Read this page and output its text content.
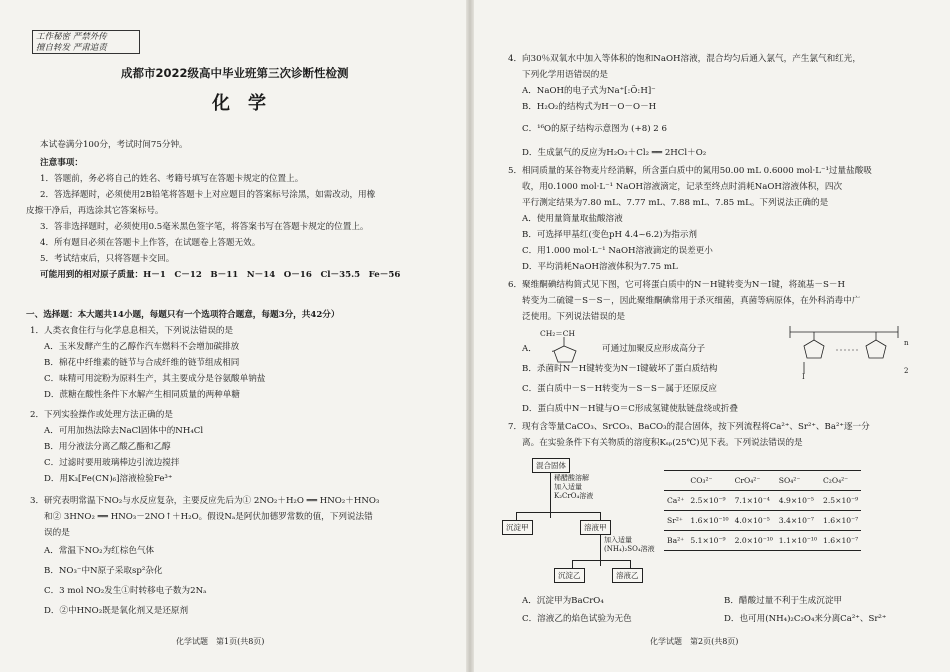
工作秘密 严禁外传
擅自转发 严肃追责
成都市2022级高中毕业班第三次诊断性检测
化学
本试卷满分100分，考试时间75分钟。
注意事项：
1．答题前，务必将自己的姓名、考籍号填写在答题卡规定的位置上。
2．答选择题时，必须使用2B铅笔将答题卡上对应题目的答案标号涂黑，如需改动，用橡
皮擦干净后，再选涂其它答案标号。
3．答非选择题时，必须使用0.5毫米黑色签字笔，将答案书写在答题卡规定的位置上。
4．所有题目必须在答题卡上作答，在试题卷上答题无效。
5．考试结束后，只将答题卡交回。
可能用到的相对原子质量：H－1　C－12　B－11　N－14　O－16　Cl－35.5　Fe－56
一、选择题：本大题共14小题，每题只有一个选项符合题意，每题3分，共42分）
1．人类衣食住行与化学息息相关，下列说法错误的是
A．玉米发酵产生的乙醇作汽车燃料不会增加碳排放
B．棉花中纤维素的链节与合成纤维的链节组成相同
C．味精可用淀粉为原料生产，其主要成分是谷氨酸单钠盐
D．蔗糖在酸性条件下水解产生相同质量的两种单糖
2．下列实验操作或处理方法正确的是
A．可用加热法除去NaCl固体中的NH₄Cl
B．用分液法分离乙酸乙酯和乙醇
C．过滤时要用玻璃棒边引流边搅拌
D．用K₃[Fe(CN)₆]溶液检验Fe³⁺
3．研究表明常温下NO₂与水反应复杂，主要反应先后为① 2NO₂＋H₂O ══ HNO₂＋HNO₃
和② 3HNO₂ ══ HNO₃－2NO↑＋H₂O。假设Nₐ是阿伏加德罗常数的值，下列说法错
误的是
A．常温下NO₂为红棕色气体
B．NO₃⁻中N原子采取sp²杂化
C．3 mol NO₂发生①时转移电子数为2Nₐ
D．②中HNO₂既是氧化剂又是还原剂
化学试题　第1页(共8页)
4．向30％双氧水中加入等体积的饱和NaOH溶液，混合均匀后通入氯气，产生氯气和红光，
下列化学用语错误的是
A．NaOH的电子式为Na⁺[:Ö:H]⁻
B．H₂O₂的结构式为H－O－O－H
C．¹⁶O的原子结构示意图为 (+8) 2 6
D．生成氯气的反应为H₂O₂＋Cl₂ ══ 2HCl＋O₂
5．相同质量的某谷物麦片经消解，所含蛋白质中的氮用50.00 mL 0.6000 mol·L⁻¹过量盐酸吸
收，用0.1000 mol·L⁻¹ NaOH溶液滴定，记录至终点时消耗NaOH溶液体积，四次
平行测定结果为7.80 mL、7.77 mL、7.88 mL、7.85 mL。下列说法正确的是
A．使用量筒量取盐酸溶液
B．可选择甲基红(变色pH 4.4~6.2)为指示剂
C．用1.000 mol·L⁻¹ NaOH溶液滴定的误差更小
D．平均消耗NaOH溶液体积为7.75 mL
6．聚维酮碘结构简式见下图，它可将蛋白质中的N－H键转变为N－I键，将巯基－S－H
转变为二硫键－S－S－，因此聚维酮碘常用于杀灭细菌，真菌等病原体，在外科消毒中广
泛使用。下列说法错误的是
CH₂＝CH
A．	可通过加聚反应形成高分子
n
2
I
B．杀菌时N－H键转变为N－I键破坏了蛋白质结构
C．蛋白质中－S－H转变为－S－S－属于还原反应
D．蛋白质中N－H键与O＝C形成氢键使肽链盘绕或折叠
7．现有含等量CaCO₃、SrCO₃、BaCO₃的混合固体，按下列流程将Ca²⁺、Sr²⁺、Ba²⁺逐一分
离。在实验条件下有关物质的溶度积Kₛₚ(25℃)见下表。下列说法错误的是
混合固体
稀醋酸溶解
加入适量
K₂CrO₄溶液
沉淀甲	溶液甲
加入适量
(NH₄)₂SO₄溶液
沉淀乙	溶液乙
	CO₃²⁻	CrO₄²⁻	SO₄²⁻	C₂O₄²⁻
Ca²⁺	2.5×10⁻⁹	7.1×10⁻⁴	4.9×10⁻⁵	2.5×10⁻⁹
Sr²⁺	1.6×10⁻¹⁰	4.0×10⁻⁵	3.4×10⁻⁷	1.6×10⁻⁷
Ba²⁺	5.1×10⁻⁹	2.0×10⁻¹⁰	1.1×10⁻¹⁰	1.6×10⁻⁷
A．沉淀甲为BaCrO₄	B．醋酸过量不利于生成沉淀甲
C．溶液乙的焰色试验为无色	D．也可用(NH₄)₂C₂O₄来分离Ca²⁺、Sr²⁺
化学试题　第2页(共8页)
